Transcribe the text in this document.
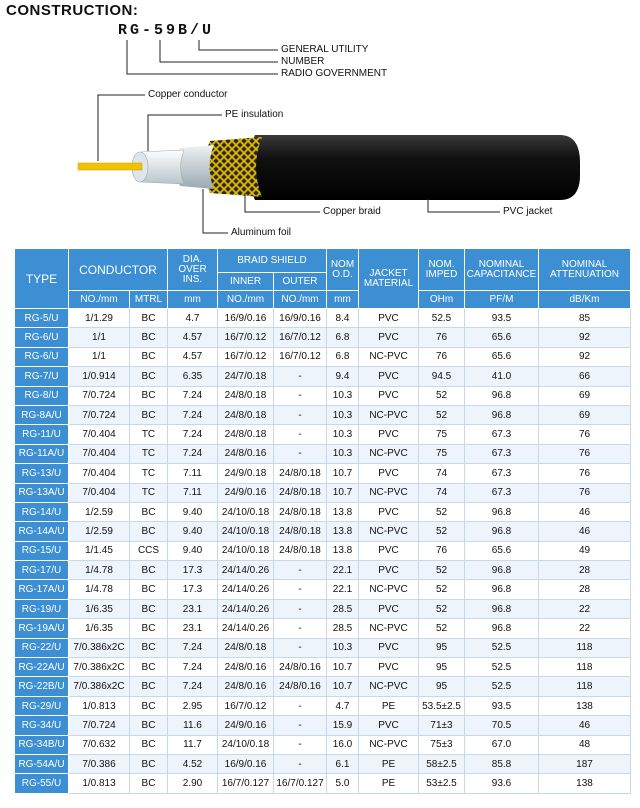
CONSTRUCTION:
RG-59B/U
GENERAL UTILITY
NUMBER
RADIO GOVERNMENT
Copper conductor
PE insulation
Copper braid	PVC jacket
Aluminum foil
TYPE	CONDUCTOR		DIA. OVER INS.	BRAID SHIELD		NOM O.D.	JACKET MATERIAL	NOM. IMPED	NOMINAL CAPACITANCE	NOMINAL ATTENUATION
				INNER	OUTER					
	NO./mm	MTRL	mm	NO./mm	NO./mm	mm		OHm	PF/M	dB/Km
RG-5/U	1/1.29	BC	4.7	16/9/0.16	16/9/0.16	8.4	PVC	52.5	93.5	85
RG-6/U	1/1	BC	4.57	16/7/0.12	16/7/0.12	6.8	PVC	76	65.6	92
RG-6/U	1/1	BC	4.57	16/7/0.12	16/7/0.12	6.8	NC-PVC	76	65.6	92
RG-7/U	1/0.914	BC	6.35	24/7/0.18	-	9.4	PVC	94.5	41.0	66
RG-8/U	7/0.724	BC	7.24	24/8/0.18	-	10.3	PVC	52	96.8	69
RG-8A/U	7/0.724	BC	7.24	24/8/0.18	-	10.3	NC-PVC	52	96.8	69
RG-11/U	7/0.404	TC	7.24	24/8/0.18	-	10.3	PVC	75	67.3	76
RG-11A/U	7/0.404	TC	7.24	24/8/0.16	-	10.3	NC-PVC	75	67.3	76
RG-13/U	7/0.404	TC	7.11	24/9/0.18	24/8/0.18	10.7	PVC	74	67.3	76
RG-13A/U	7/0.404	TC	7.11	24/9/0.16	24/8/0.18	10.7	NC-PVC	74	67.3	76
RG-14/U	1/2.59	BC	9.40	24/10/0.18	24/8/0.18	13.8	PVC	52	96.8	46
RG-14A/U	1/2.59	BC	9.40	24/10/0.18	24/8/0.18	13.8	NC-PVC	52	96.8	46
RG-15/U	1/1.45	CCS	9.40	24/10/0.18	24/8/0.18	13.8	PVC	76	65.6	49
RG-17/U	1/4.78	BC	17.3	24/14/0.26	-	22.1	PVC	52	96.8	28
RG-17A/U	1/4.78	BC	17.3	24/14/0.26	-	22.1	NC-PVC	52	96.8	28
RG-19/U	1/6.35	BC	23.1	24/14/0.26	-	28.5	PVC	52	96.8	22
RG-19A/U	1/6.35	BC	23.1	24/14/0.26	-	28.5	NC-PVC	52	96.8	22
RG-22/U	7/0.386x2C	BC	7.24	24/8/0.18	-	10.3	PVC	95	52.5	118
RG-22A/U	7/0.386x2C	BC	7.24	24/8/0.16	24/8/0.16	10.7	PVC	95	52.5	118
RG-22B/U	7/0.386x2C	BC	7.24	24/8/0.16	24/8/0.16	10.7	NC-PVC	95	52.5	118
RG-29/U	1/0.813	BC	2.95	16/7/0.12	-	4.7	PE	53.5±2.5	93.5	138
RG-34/U	7/0.724	BC	11.6	24/9/0.16	-	15.9	PVC	71±3	70.5	46
RG-34B/U	7/0.632	BC	11.7	24/10/0.18	-	16.0	NC-PVC	75±3	67.0	48
RG-54A/U	7/0.386	BC	4.52	16/9/0.16	-	6.1	PE	58±2.5	85.8	187
RG-55/U	1/0.813	BC	2.90	16/7/0.127	16/7/0.127	5.0	PE	53±2.5	93.6	138
